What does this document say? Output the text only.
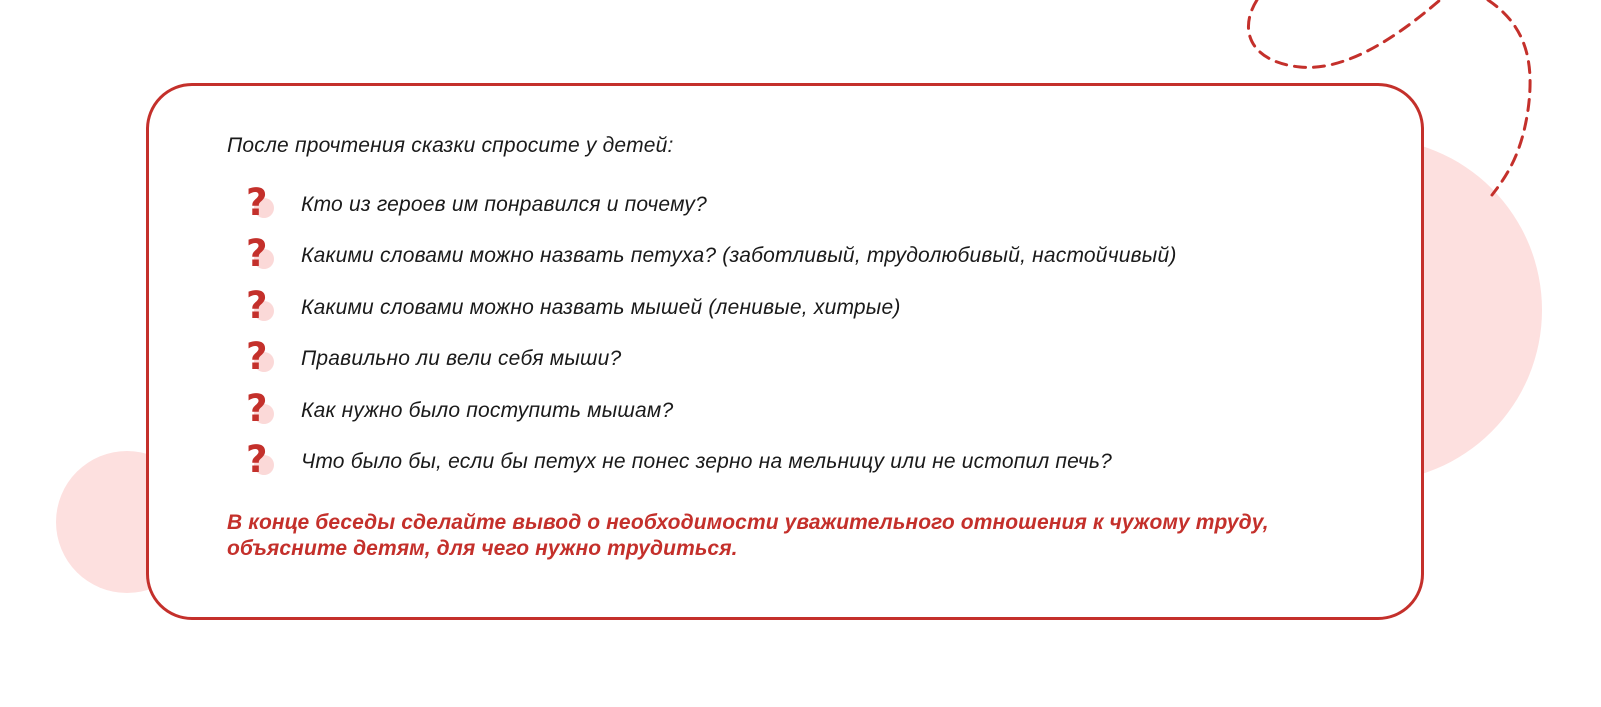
После прочтения сказки спросите у детей:

? Кто из героев им понравился и почему?
? Какими словами можно назвать петуха? (заботливый, трудолюбивый, настойчивый)
? Какими словами можно назвать мышей (ленивые, хитрые)
? Правильно ли вели себя мыши?
? Как нужно было поступить мышам?
? Что было бы, если бы петух не понес зерно на мельницу или не истопил печь?

В конце беседы сделайте вывод о необходимости уважительного отношения к чужому труду, объясните детям, для чего нужно трудиться.
